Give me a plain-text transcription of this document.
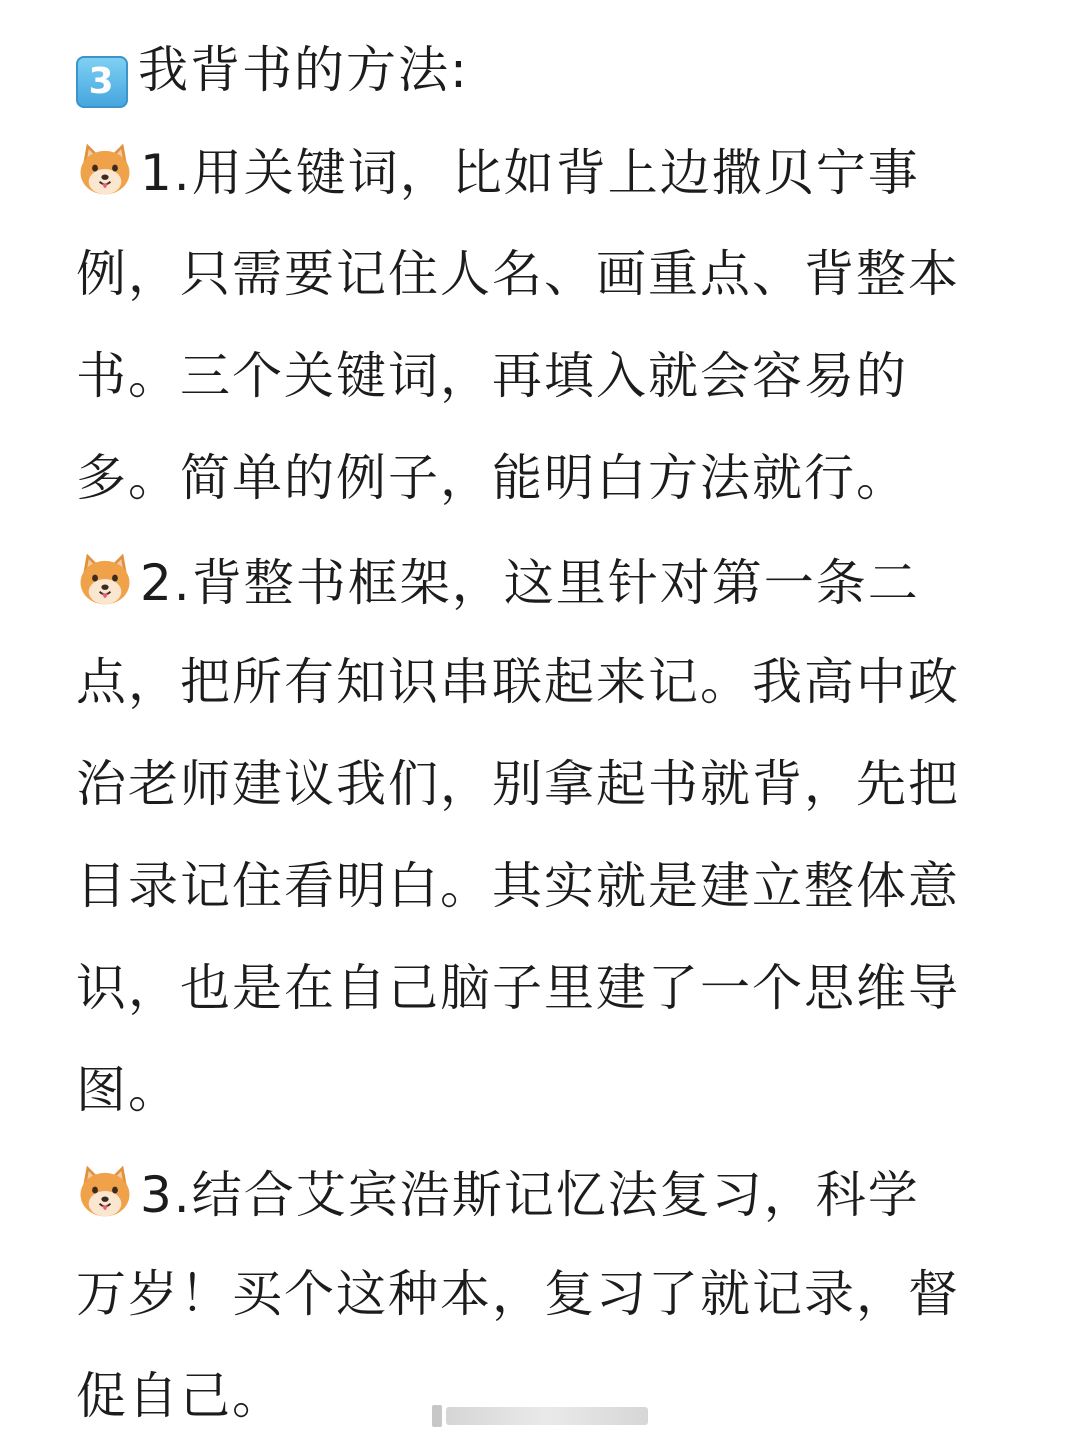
3 我背书的方法:
1.用关键词，比如背上边撒贝宁事
例，只需要记住人名、画重点、背整本
书。三个关键词，再填入就会容易的
多。简单的例子，能明白方法就行。
2.背整书框架，这里针对第一条二
点，把所有知识串联起来记。我高中政
治老师建议我们，别拿起书就背，先把
目录记住看明白。其实就是建立整体意
识，也是在自己脑子里建了一个思维导
图。
3.结合艾宾浩斯记忆法复习，科学
万岁！买个这种本，复习了就记录，督
促自己。
